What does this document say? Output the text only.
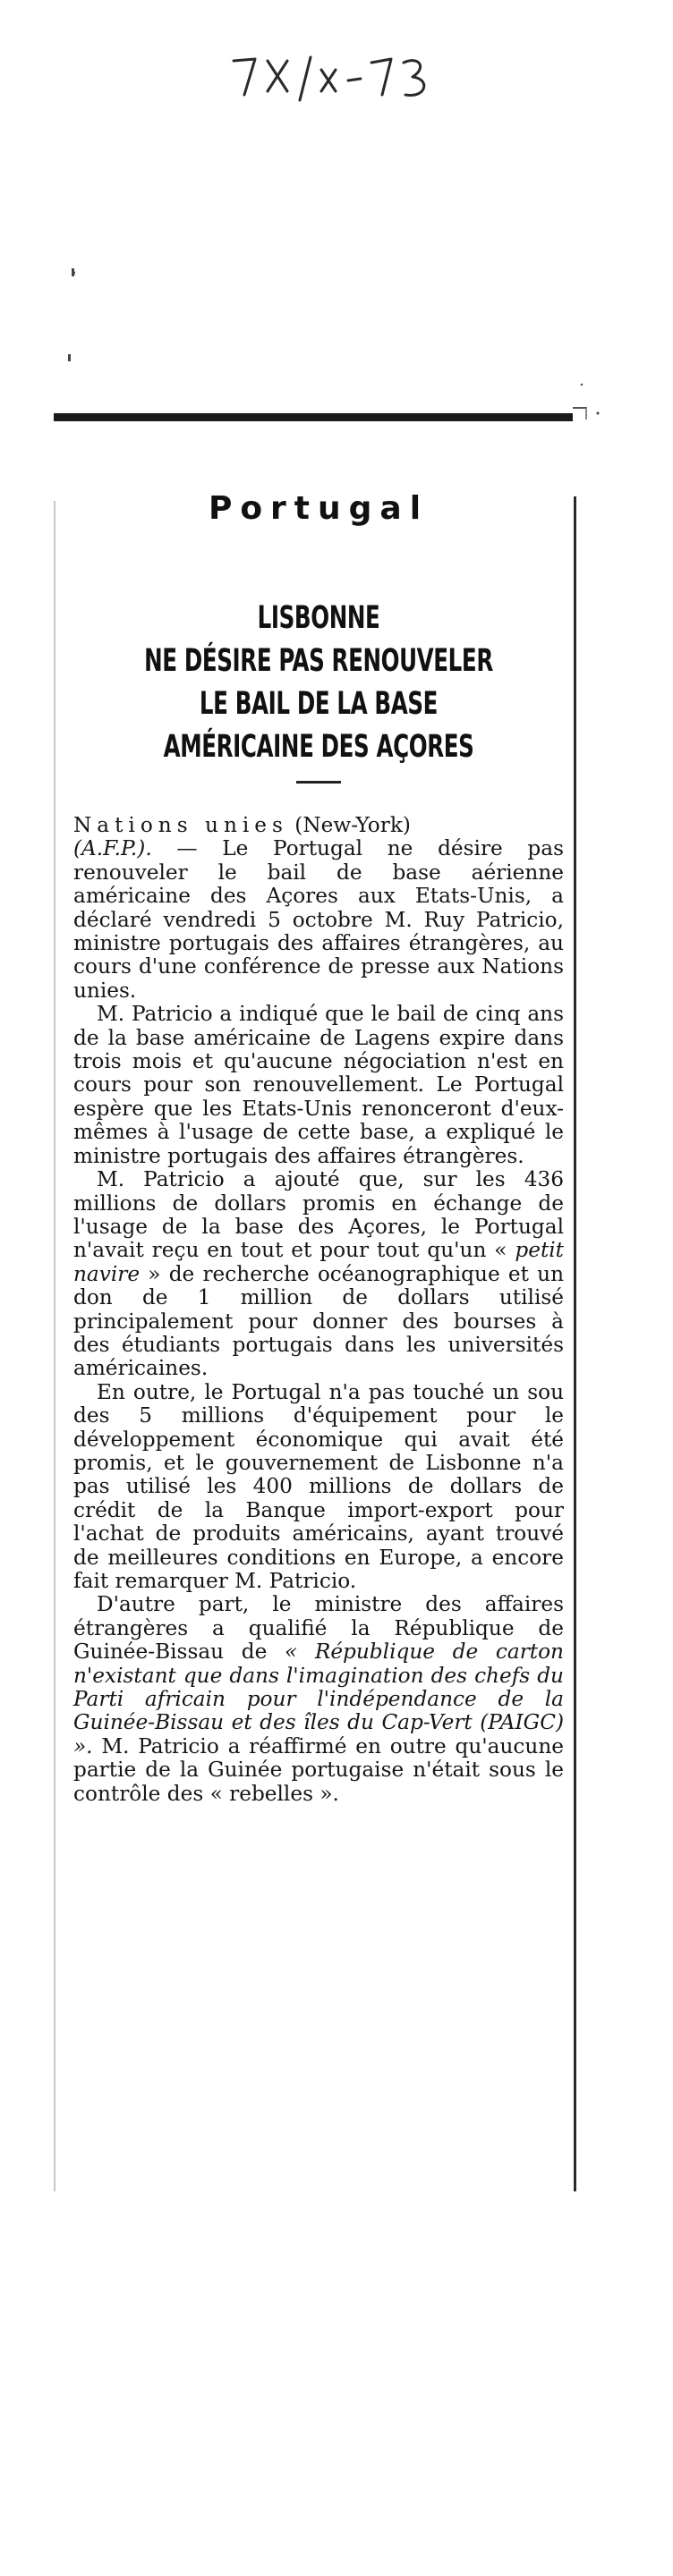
Portugal
LISBONNE
NE DÉSIRE PAS RENOUVELER
LE BAIL DE LA BASE
AMÉRICAINE DES AÇORES

Nations unies (New-York)
(A.F.P.). — Le Portugal ne désire pas renouveler le bail de base aérienne américaine des Açores aux Etats-Unis, a déclaré vendredi 5 octobre M. Ruy Patricio, ministre portugais des affaires étrangères, au cours d'une conférence de presse aux Nations unies.

M. Patricio a indiqué que le bail de cinq ans de la base américaine de Lagens expire dans trois mois et qu'aucune négociation n'est en cours pour son renouvellement. Le Portugal espère que les Etats-Unis renonceront d'eux-mêmes à l'usage de cette base, a expliqué le ministre portugais des affaires étrangères.

M. Patricio a ajouté que, sur les 436 millions de dollars promis en échange de l'usage de la base des Açores, le Portugal n'avait reçu en tout et pour tout qu'un « petit navire » de recherche océanographique et un don de 1 million de dollars utilisé principalement pour donner des bourses à des étudiants portugais dans les universités américaines.

En outre, le Portugal n'a pas touché un sou des 5 millions d'équipement pour le développement économique qui avait été promis, et le gouvernement de Lisbonne n'a pas utilisé les 400 millions de dollars de crédit de la Banque import-export pour l'achat de produits américains, ayant trouvé de meilleures conditions en Europe, a encore fait remarquer M. Patricio.

D'autre part, le ministre des affaires étrangères a qualifié la République de Guinée-Bissau de « République de carton n'existant que dans l'imagination des chefs du Parti africain pour l'indépendance de la Guinée-Bissau et des îles du Cap-Vert (PAIGC) ». M. Patricio a réaffirmé en outre qu'aucune partie de la Guinée portugaise n'était sous le contrôle des « rebelles ».
